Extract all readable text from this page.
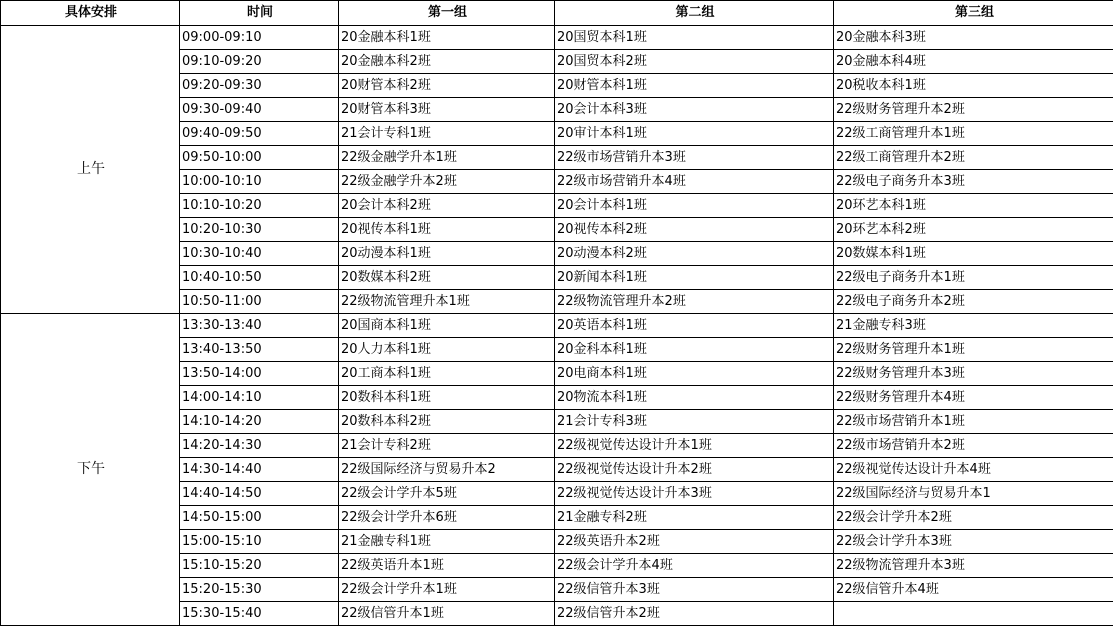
具体安排	时间	第一组	第二组	第三组
上午	09:00-09:10	20金融本科1班	20国贸本科1班	20金融本科3班
	09:10-09:20	20金融本科2班	20国贸本科2班	20金融本科4班
	09:20-09:30	20财管本科2班	20财管本科1班	20税收本科1班
	09:30-09:40	20财管本科3班	20会计本科3班	22级财务管理升本2班
	09:40-09:50	21会计专科1班	20审计本科1班	22级工商管理升本1班
	09:50-10:00	22级金融学升本1班	22级市场营销升本3班	22级工商管理升本2班
	10:00-10:10	22级金融学升本2班	22级市场营销升本4班	22级电子商务升本3班
	10:10-10:20	20会计本科2班	20会计本科1班	20环艺本科1班
	10:20-10:30	20视传本科1班	20视传本科2班	20环艺本科2班
	10:30-10:40	20动漫本科1班	20动漫本科2班	20数媒本科1班
	10:40-10:50	20数媒本科2班	20新闻本科1班	22级电子商务升本1班
	10:50-11:00	22级物流管理升本1班	22级物流管理升本2班	22级电子商务升本2班
下午	13:30-13:40	20国商本科1班	20英语本科1班	21金融专科3班
	13:40-13:50	20人力本科1班	20金科本科1班	22级财务管理升本1班
	13:50-14:00	20工商本科1班	20电商本科1班	22级财务管理升本3班
	14:00-14:10	20数科本科1班	20物流本科1班	22级财务管理升本4班
	14:10-14:20	20数科本科2班	21会计专科3班	22级市场营销升本1班
	14:20-14:30	21会计专科2班	22级视觉传达设计升本1班	22级市场营销升本2班
	14:30-14:40	22级国际经济与贸易升本2	22级视觉传达设计升本2班	22级视觉传达设计升本4班
	14:40-14:50	22级会计学升本5班	22级视觉传达设计升本3班	22级国际经济与贸易升本1
	14:50-15:00	22级会计学升本6班	21金融专科2班	22级会计学升本2班
	15:00-15:10	21金融专科1班	22级英语升本2班	22级会计学升本3班
	15:10-15:20	22级英语升本1班	22级会计学升本4班	22级物流管理升本3班
	15:20-15:30	22级会计学升本1班	22级信管升本3班	22级信管升本4班
	15:30-15:40	22级信管升本1班	22级信管升本2班	
